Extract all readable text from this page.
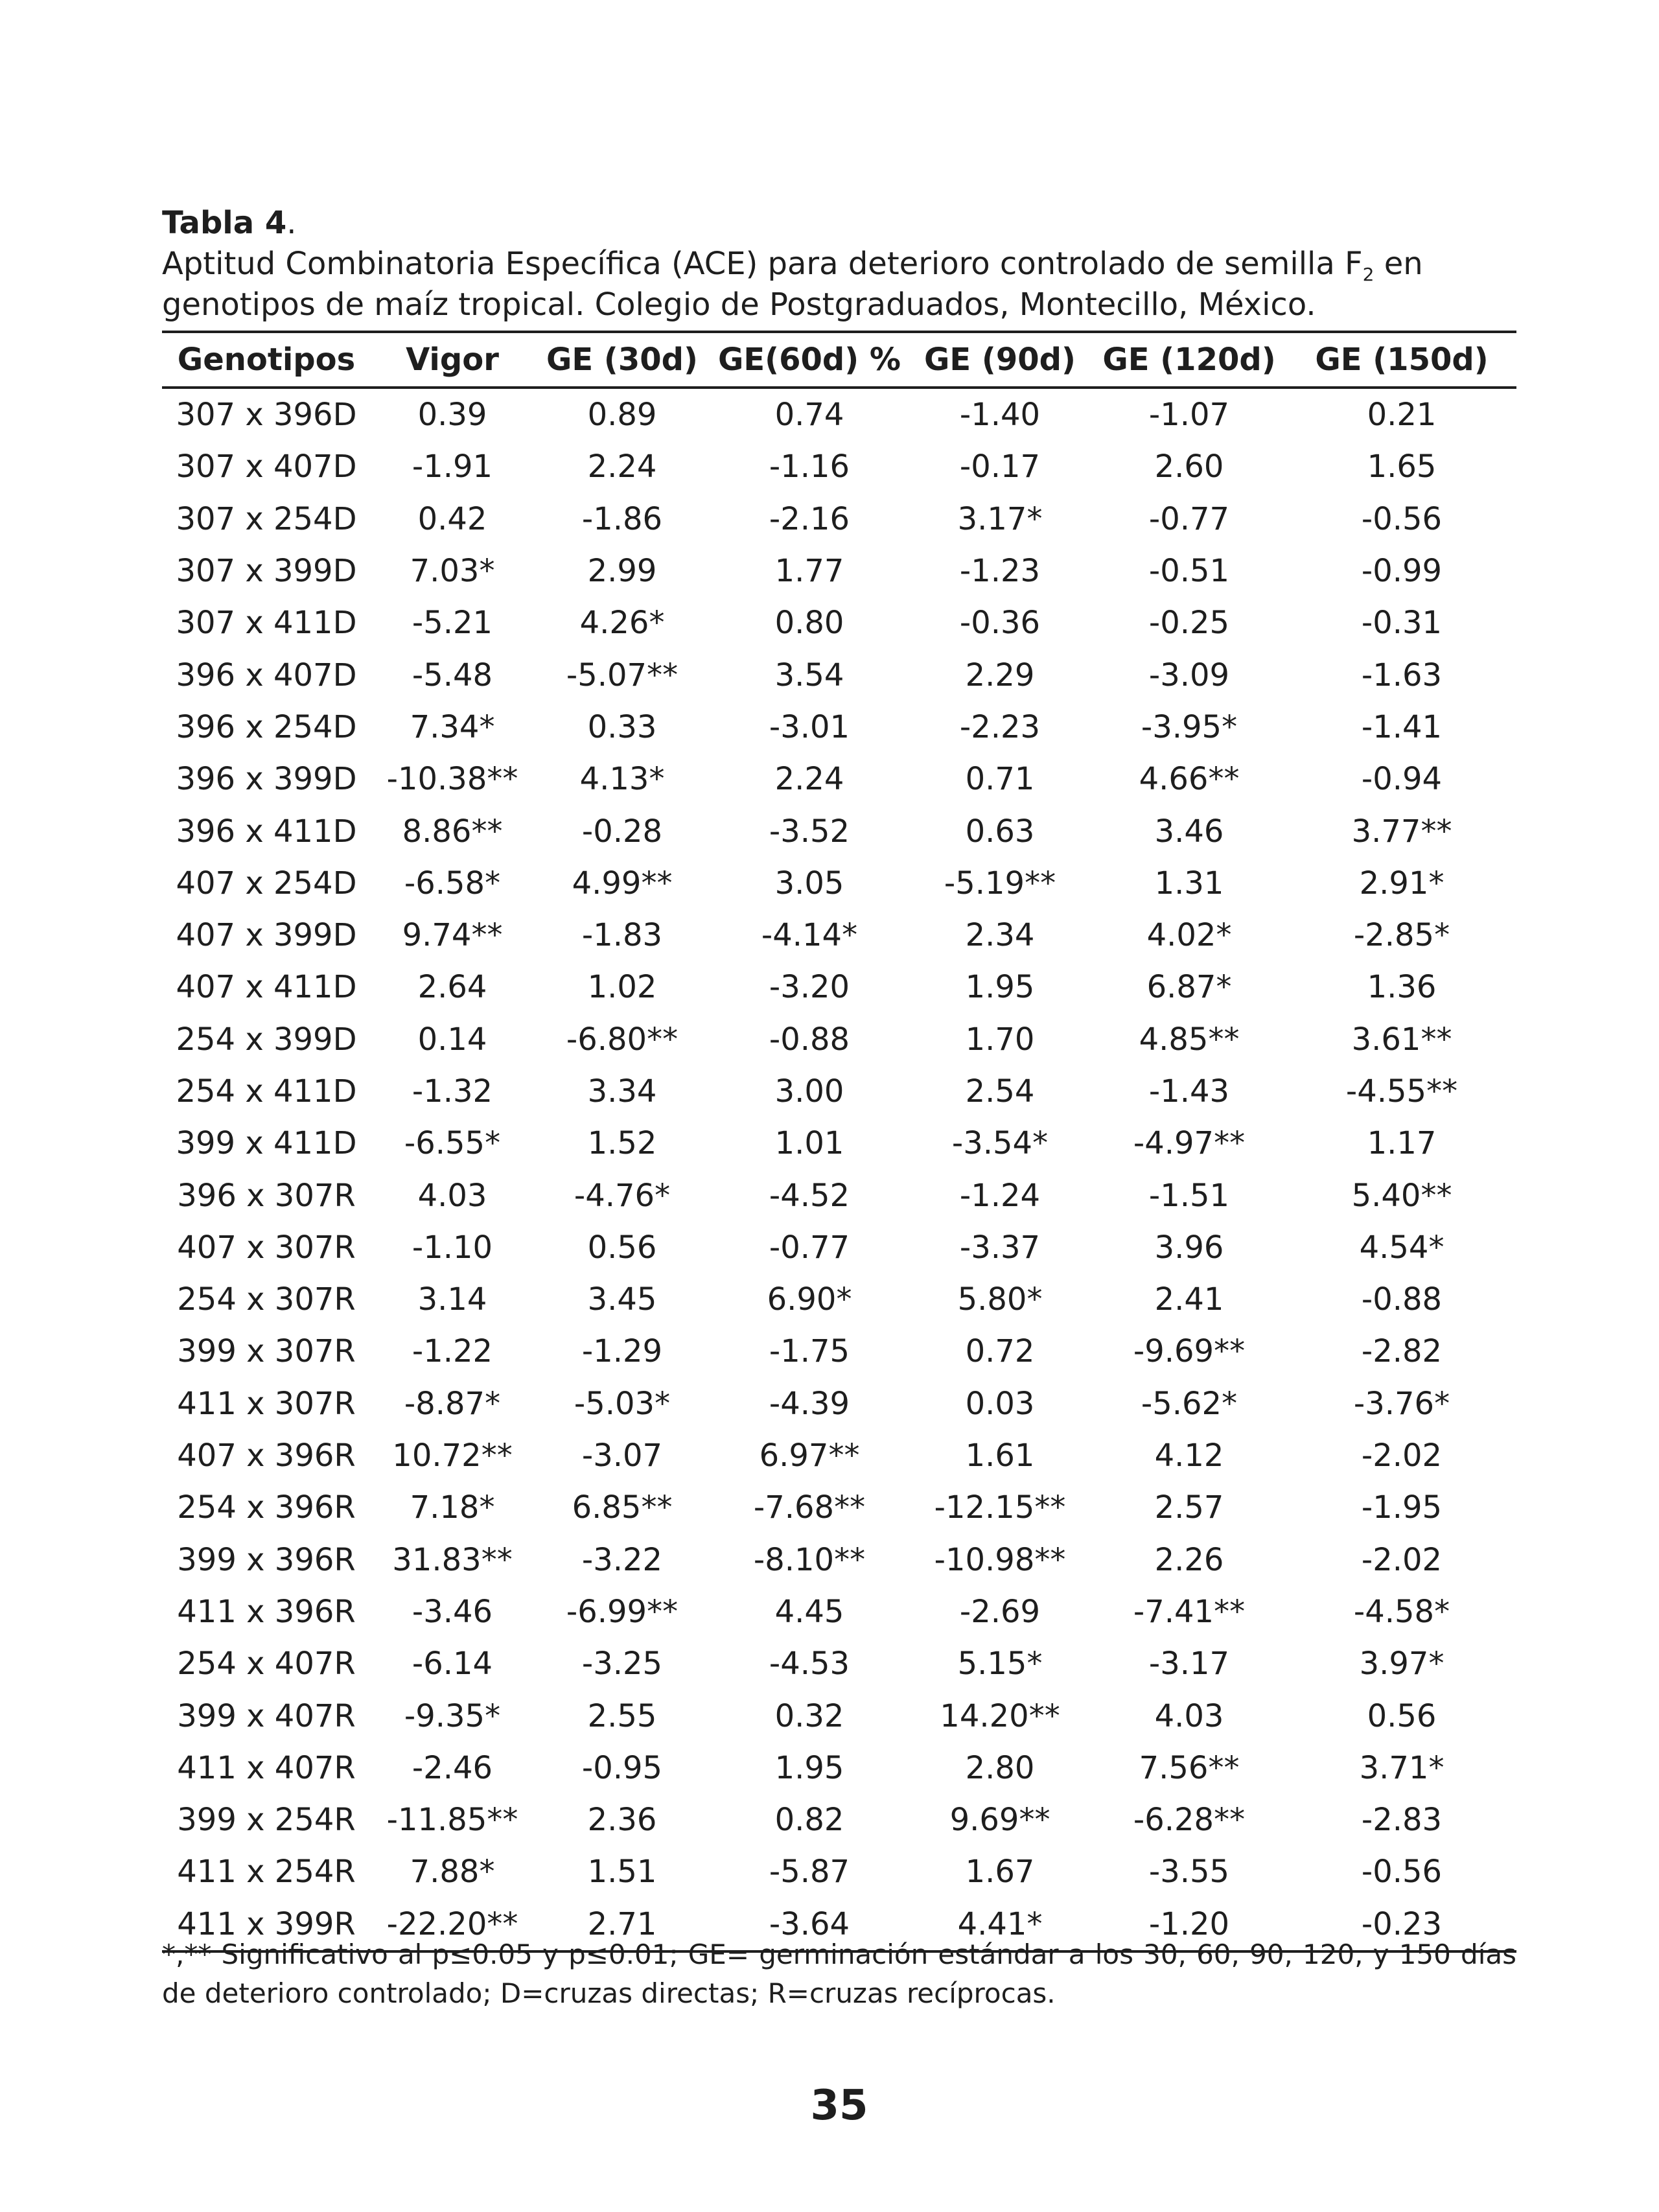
Tabla 4.
Aptitud Combinatoria Específica (ACE) para deterioro controlado de semilla $F_2$ en genotipos de maíz tropical. Colegio de Postgraduados, Montecillo, México.
Genotipos	Vigor	GE (30d)	GE(60d) %	GE (90d)	GE (120d)	GE (150d)
307 x 396D	0.39	0.89	0.74	-1.40	-1.07	0.21
307 x 407D	-1.91	2.24	-1.16	-0.17	2.60	1.65
307 x 254D	0.42	-1.86	-2.16	3.17*	-0.77	-0.56
307 x 399D	7.03*	2.99	1.77	-1.23	-0.51	-0.99
307 x 411D	-5.21	4.26*	0.80	-0.36	-0.25	-0.31
396 x 407D	-5.48	-5.07**	3.54	2.29	-3.09	-1.63
396 x 254D	7.34*	0.33	-3.01	-2.23	-3.95*	-1.41
396 x 399D	-10.38**	4.13*	2.24	0.71	4.66**	-0.94
396 x 411D	8.86**	-0.28	-3.52	0.63	3.46	3.77**
407 x 254D	-6.58*	4.99**	3.05	-5.19**	1.31	2.91*
407 x 399D	9.74**	-1.83	-4.14*	2.34	4.02*	-2.85*
407 x 411D	2.64	1.02	-3.20	1.95	6.87*	1.36
254 x 399D	0.14	-6.80**	-0.88	1.70	4.85**	3.61**
254 x 411D	-1.32	3.34	3.00	2.54	-1.43	-4.55**
399 x 411D	-6.55*	1.52	1.01	-3.54*	-4.97**	1.17
396 x 307R	4.03	-4.76*	-4.52	-1.24	-1.51	5.40**
407 x 307R	-1.10	0.56	-0.77	-3.37	3.96	4.54*
254 x 307R	3.14	3.45	6.90*	5.80*	2.41	-0.88
399 x 307R	-1.22	-1.29	-1.75	0.72	-9.69**	-2.82
411 x 307R	-8.87*	-5.03*	-4.39	0.03	-5.62*	-3.76*
407 x 396R	10.72**	-3.07	6.97**	1.61	4.12	-2.02
254 x 396R	7.18*	6.85**	-7.68**	-12.15**	2.57	-1.95
399 x 396R	31.83**	-3.22	-8.10**	-10.98**	2.26	-2.02
411 x 396R	-3.46	-6.99**	4.45	-2.69	-7.41**	-4.58*
254 x 407R	-6.14	-3.25	-4.53	5.15*	-3.17	3.97*
399 x 407R	-9.35*	2.55	0.32	14.20**	4.03	0.56
411 x 407R	-2.46	-0.95	1.95	2.80	7.56**	3.71*
399 x 254R	-11.85**	2.36	0.82	9.69**	-6.28**	-2.83
411 x 254R	7.88*	1.51	-5.87	1.67	-3.55	-0.56
411 x 399R	-22.20**	2.71	-3.64	4.41*	-1.20	-0.23
*,** Significativo al p≤0.05 y p≤0.01; GE= germinación estándar a los 30, 60, 90, 120, y 150 días de deterioro controlado; D=cruzas directas; R=cruzas recíprocas.
35
